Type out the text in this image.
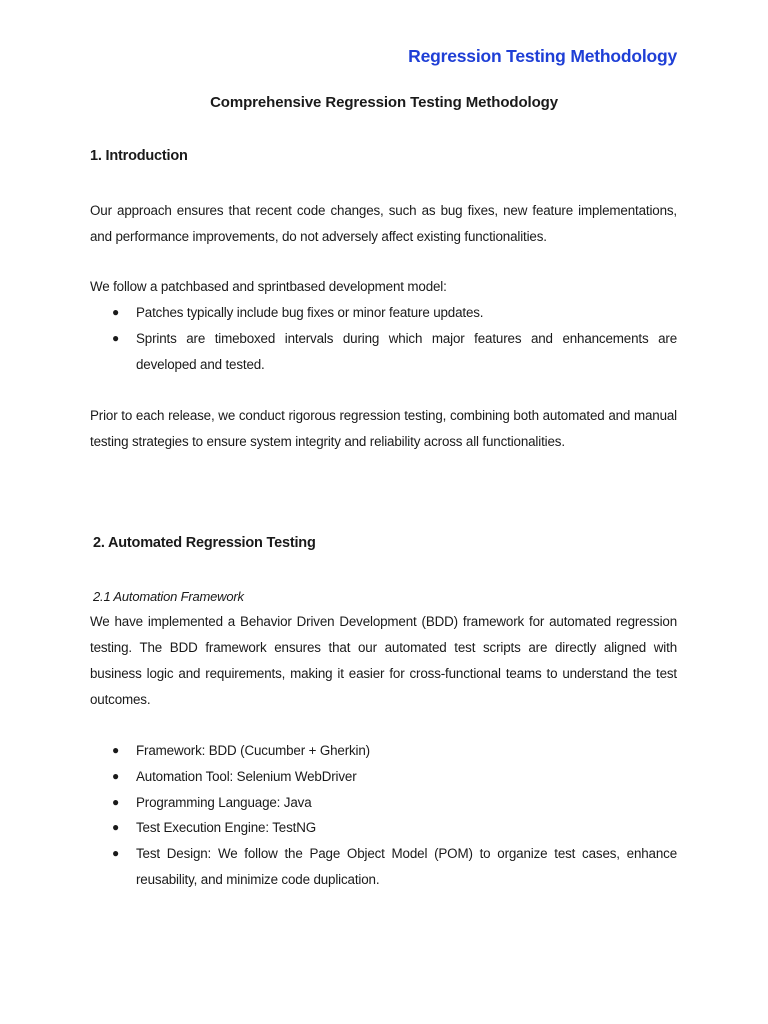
Regression Testing Methodology
Comprehensive Regression Testing Methodology
1. Introduction
Our approach ensures that recent code changes, such as bug fixes, new feature implementations, and performance improvements, do not adversely affect existing functionalities.
We follow a patchbased and sprintbased development model:
● Patches typically include bug fixes or minor feature updates.
● Sprints are timeboxed intervals during which major features and enhancements are developed and tested.
Prior to each release, we conduct rigorous regression testing, combining both automated and manual testing strategies to ensure system integrity and reliability across all functionalities.
2. Automated Regression Testing
2.1 Automation Framework
We have implemented a Behavior Driven Development (BDD) framework for automated regression testing. The BDD framework ensures that our automated test scripts are directly aligned with business logic and requirements, making it easier for cross-functional teams to understand the test outcomes.
● Framework: BDD (Cucumber + Gherkin)
● Automation Tool: Selenium WebDriver
● Programming Language: Java
● Test Execution Engine: TestNG
● Test Design: We follow the Page Object Model (POM) to organize test cases, enhance reusability, and minimize code duplication.
